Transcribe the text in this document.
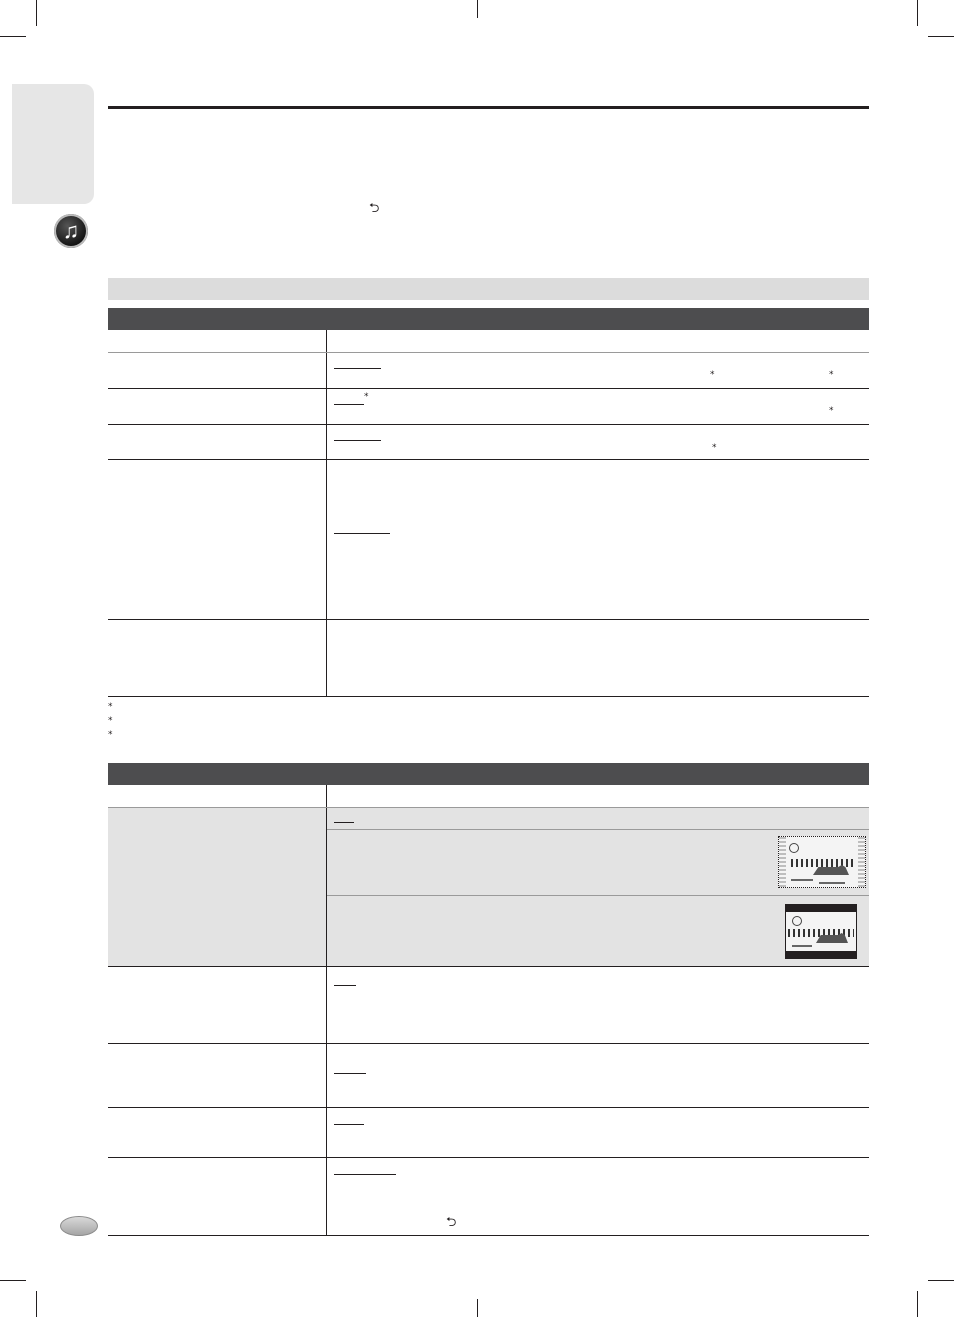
♫
⮌
*	*
*
*
*
*
*
*
⮌
